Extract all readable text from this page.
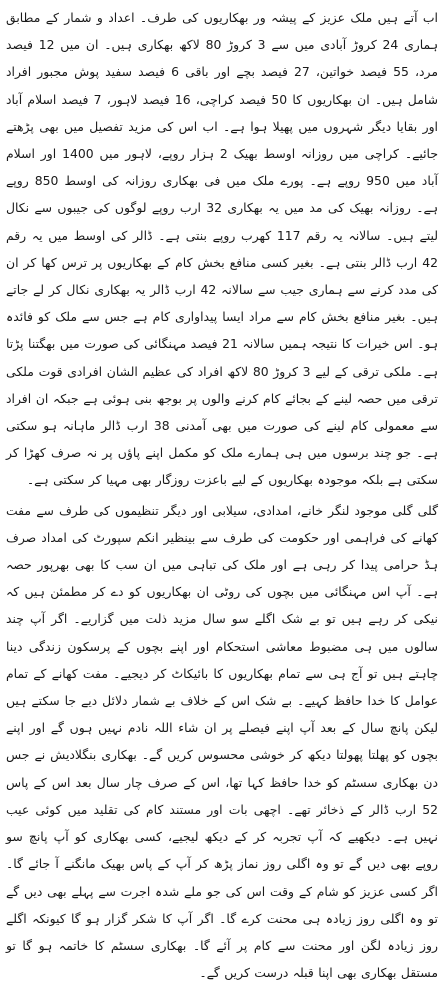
اب آتے ہیں ملک عزیز کے پیشہ ور بھکاریوں کی طرف۔ اعداد و شمار کے مطابق ہماری 24 کروڑ آبادی میں سے 3 کروڑ 80 لاکھ بھکاری ہیں۔ ان میں 12 فیصد مرد، 55 فیصد خواتین، 27 فیصد بچے اور باقی 6 فیصد سفید پوش مجبور افراد شامل ہیں۔ ان بھکاریوں کا 50 فیصد کراچی، 16 فیصد لاہور، 7 فیصد اسلام آباد اور بقایا دیگر شہروں میں پھیلا ہوا ہے۔ اب اس کی مزید تفصیل میں بھی پڑھتے جائیے۔ کراچی میں روزانہ اوسط بھیک 2 ہزار روپے، لاہور میں 1400 اور اسلام آباد میں 950 روپے ہے۔ پورے ملک میں فی بھکاری روزانہ کی اوسط 850 روپے ہے۔ روزانہ بھیک کی مد میں یہ بھکاری 32 ارب روپے لوگوں کی جیبوں سے نکال لیتے ہیں۔ سالانہ یہ رقم 117 کھرب روپے بنتی ہے۔ ڈالر کی اوسط میں یہ رقم 42 ارب ڈالر بنتی ہے۔ بغیر کسی منافع بخش کام کے بھکاریوں پر ترس کھا کر ان کی مدد کرنے سے ہماری جیب سے سالانہ 42 ارب ڈالر یہ بھکاری نکال کر لے جاتے ہیں۔ بغیر منافع بخش کام سے مراد ایسا پیداواری کام ہے جس سے ملک کو فائدہ ہو۔ اس خیرات کا نتیجہ ہمیں سالانہ 21 فیصد مہنگائی کی صورت میں بھگتنا پڑتا ہے۔ ملکی ترقی کے لیے 3 کروڑ 80 لاکھ افراد کی عظیم الشان افرادی قوت ملکی ترقی میں حصہ لینے کے بجائے کام کرنے والوں پر بوجھ بنی ہوئی ہے جبکہ ان افراد سے معمولی کام لینے کی صورت میں بھی آمدنی 38 ارب ڈالر ماہانہ ہو سکتی ہے۔ جو چند برسوں میں ہی ہمارے ملک کو مکمل اپنے پاؤں پر نہ صرف کھڑا کر سکتی ہے بلکہ موجودہ بھکاریوں کے لیے باعزت روزگار بھی مہیا کر سکتی ہے۔

گلی گلی موجود لنگر خانے، امدادی، سیلابی اور دیگر تنظیموں کی طرف سے مفت کھانے کی فراہمی اور حکومت کی طرف سے بینظیر انکم سپورٹ کی امداد صرف ہڈ حرامی پیدا کر رہی ہے اور ملک کی تباہی میں ان سب کا بھی بھرپور حصہ ہے۔ آپ اس مہنگائی میں بچوں کی روٹی ان بھکاریوں کو دے کر مطمئن ہیں کہ نیکی کر رہے ہیں تو بے شک اگلے سو سال مزید ذلت میں گزاریے۔ اگر آپ چند سالوں میں ہی مضبوط معاشی استحکام اور اپنے بچوں کے پرسکون زندگی دینا چاہتے ہیں تو آج ہی سے تمام بھکاریوں کا بائیکاٹ کر دیجیے۔ مفت کھانے کے تمام عوامل کا خدا حافظ کہیے۔ بے شک اس کے خلاف بے شمار دلائل دیے جا سکتے ہیں لیکن پانچ سال کے بعد آپ اپنے فیصلے پر ان شاء اللہ نادم نہیں ہوں گے اور اپنے بچوں کو پھلتا پھولتا دیکھ کر خوشی محسوس کریں گے۔ بھکاری بنگلادیش نے جس دن بھکاری سسٹم کو خدا حافظ کہا تھا، اس کے صرف چار سال بعد اس کے پاس 52 ارب ڈالر کے ذخائر تھے۔ اچھی بات اور مستند کام کی تقلید میں کوئی عیب نہیں ہے۔ دیکھیے کہ آپ تجربہ کر کے دیکھ لیجیے، کسی بھکاری کو آپ پانچ سو روپے بھی دیں گے تو وہ اگلی روز نماز پڑھ کر آپ کے پاس بھیک مانگنے آ جائے گا۔ اگر کسی عزیز کو شام کے وقت اس کی جو ملے شدہ اجرت سے پہلے بھی دیں گے تو وہ اگلی روز زیادہ ہی محنت کرے گا۔ اگر آپ کا شکر گزار ہو گا کیونکہ اگلے روز زیادہ لگن اور محنت سے کام پر آئے گا۔ بھکاری سسٹم کا خاتمہ ہو گا تو مستقل بھکاری بھی اپنا قبلہ درست کریں گے۔
